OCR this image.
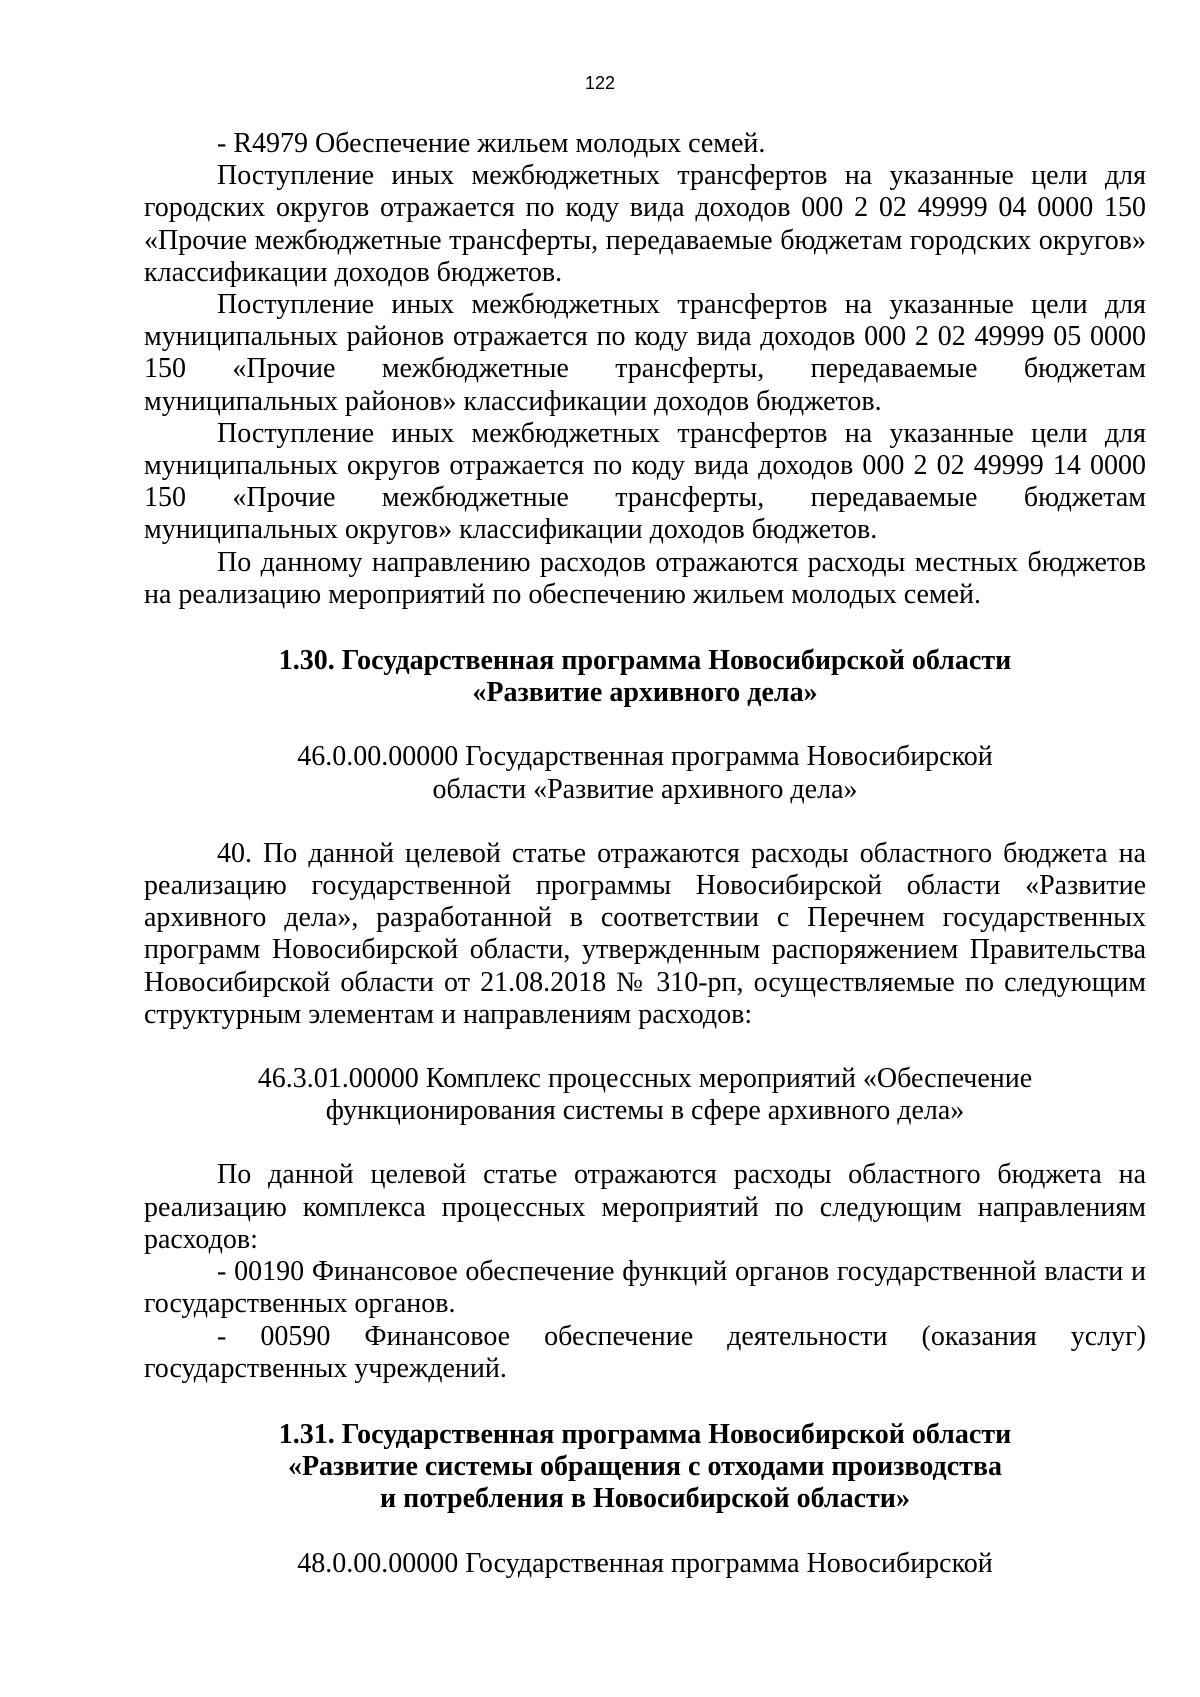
122

- R4979 Обеспечение жильем молодых семей.

Поступление иных межбюджетных трансфертов на указанные цели для городских округов отражается по коду вида доходов 000 2 02 49999 04 0000 150 «Прочие межбюджетные трансферты, передаваемые бюджетам городских округов» классификации доходов бюджетов.

Поступление иных межбюджетных трансфертов на указанные цели для муниципальных районов отражается по коду вида доходов 000 2 02 49999 05 0000 150 «Прочие межбюджетные трансферты, передаваемые бюджетам муниципальных районов» классификации доходов бюджетов.

Поступление иных межбюджетных трансфертов на указанные цели для муниципальных округов отражается по коду вида доходов 000 2 02 49999 14 0000 150 «Прочие межбюджетные трансферты, передаваемые бюджетам муниципальных округов» классификации доходов бюджетов.

По данному направлению расходов отражаются расходы местных бюджетов на реализацию мероприятий по обеспечению жильем молодых семей.

1.30. Государственная программа Новосибирской области
«Развитие архивного дела»
46.0.00.00000 Государственная программа Новосибирской
области «Развитие архивного дела»

40. По данной целевой статье отражаются расходы областного бюджета на реализацию государственной программы Новосибирской области «Развитие архивного дела», разработанной в соответствии с Перечнем государственных программ Новосибирской области, утвержденным распоряжением Правительства Новосибирской области от 21.08.2018 № 310-рп, осуществляемые по следующим структурным элементам и направлениям расходов:

46.3.01.00000 Комплекс процессных мероприятий «Обеспечение
функционирования системы в сфере архивного дела»

По данной целевой статье отражаются расходы областного бюджета на реализацию комплекса процессных мероприятий по следующим направлениям расходов:

- 00190 Финансовое обеспечение функций органов государственной власти и государственных органов.

- 00590 Финансовое обеспечение деятельности (оказания услуг) государственных учреждений.

1.31. Государственная программа Новосибирской области
«Развитие системы обращения с отходами производства
и потребления в Новосибирской области»
48.0.00.00000 Государственная программа Новосибирской
